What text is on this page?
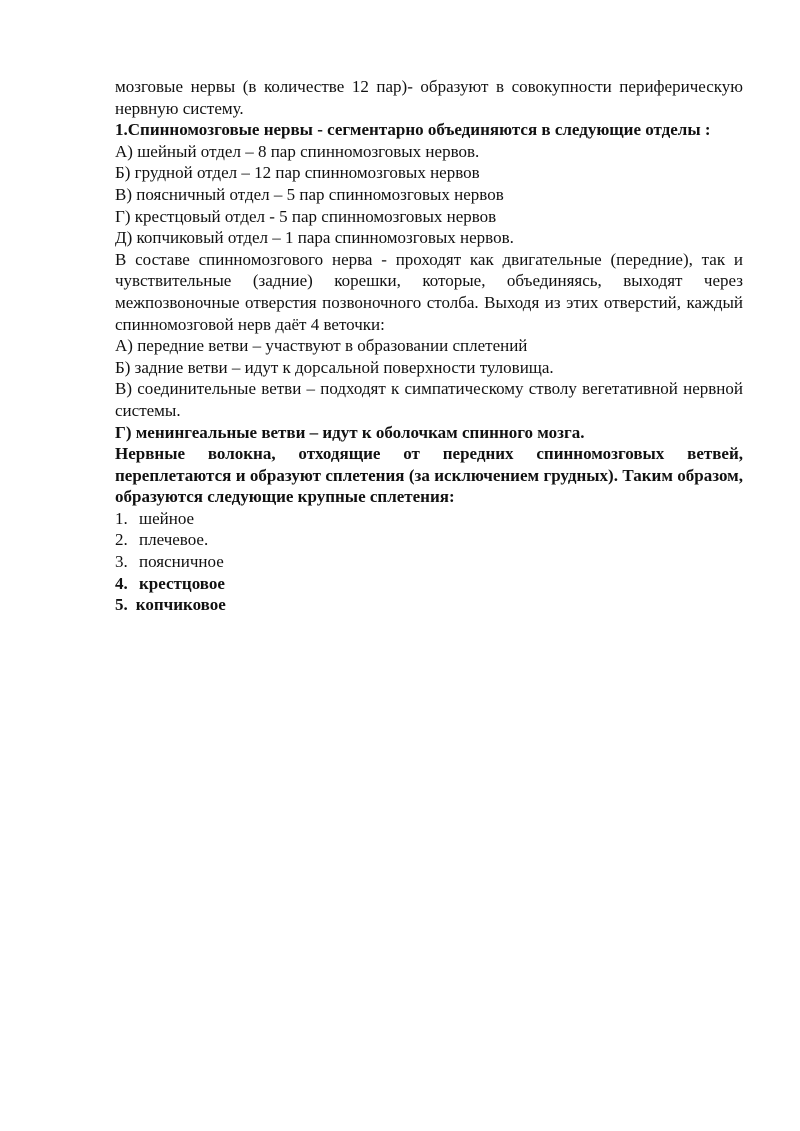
мозговые нервы (в количестве 12 пар)- образуют в совокупности периферическую нервную систему.

1.Спинномозговые нервы - сегментарно объединяются в следующие отделы :

А) шейный отдел – 8 пар спинномозговых нервов.

Б) грудной отдел – 12 пар спинномозговых нервов

В) поясничный отдел – 5 пар спинномозговых нервов

Г) крестцовый отдел - 5 пар спинномозговых нервов

Д) копчиковый отдел – 1 пара спинномозговых нервов.

В составе спинномозгового нерва - проходят как двигательные (передние), так и чувствительные (задние) корешки, которые, объединяясь, выходят через межпозвоночные отверстия позвоночного столба. Выходя из этих отверстий, каждый спинномозговой нерв даёт 4 веточки:

А) передние ветви – участвуют в образовании сплетений

Б) задние ветви – идут к дорсальной поверхности туловища.

В) соединительные ветви – подходят к симпатическому стволу вегетативной нервной системы.

Г) менингеальные ветви – идут к оболочкам спинного мозга.

Нервные волокна, отходящие от передних спинномозговых ветвей, переплетаются и образуют сплетения (за исключением грудных). Таким образом, образуются следующие крупные сплетения:

1. шейное
2. плечевое.
3. поясничное
4. крестцовое
5. копчиковое
